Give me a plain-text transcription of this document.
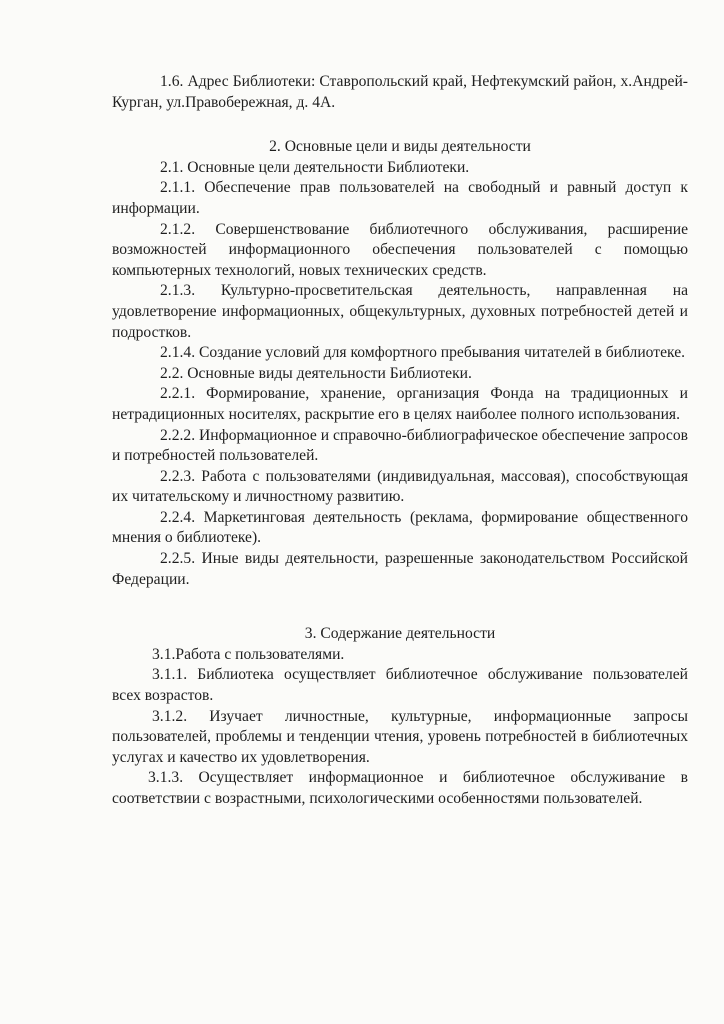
1.6. Адрес Библиотеки: Ставропольский край, Нефтекумский район, х.Андрей-Курган, ул.Правобережная, д. 4А.

2. Основные цели и виды деятельности

2.1. Основные цели деятельности Библиотеки.

2.1.1. Обеспечение прав пользователей на свободный и равный доступ к информации.

2.1.2. Совершенствование библиотечного обслуживания, расширение возможностей информационного обеспечения пользователей с помощью компьютерных технологий, новых технических средств.

2.1.3. Культурно-просветительская деятельность, направленная на удовлетворение информационных, общекультурных, духовных потребностей детей и подростков.

2.1.4. Создание условий для комфортного пребывания читателей в библиотеке.

2.2. Основные виды деятельности Библиотеки.

2.2.1. Формирование, хранение, организация Фонда на традиционных и нетрадиционных носителях, раскрытие его в целях наиболее полного использования.

2.2.2. Информационное и справочно-библиографическое обеспечение запросов и потребностей пользователей.

2.2.3. Работа с пользователями (индивидуальная, массовая), способствующая их читательскому и личностному развитию.

2.2.4. Маркетинговая деятельность (реклама, формирование общественного мнения о библиотеке).

2.2.5. Иные виды деятельности, разрешенные законодательством Российской Федерации.

3. Содержание деятельности

3.1.Работа с пользователями.

3.1.1. Библиотека осуществляет библиотечное обслуживание пользователей всех возрастов.

3.1.2. Изучает личностные, культурные, информационные запросы пользователей, проблемы и тенденции чтения, уровень потребностей в библиотечных услугах и качество их удовлетворения.

3.1.3. Осуществляет информационное и библиотечное обслуживание в соответствии с возрастными, психологическими особенностями пользователей.
